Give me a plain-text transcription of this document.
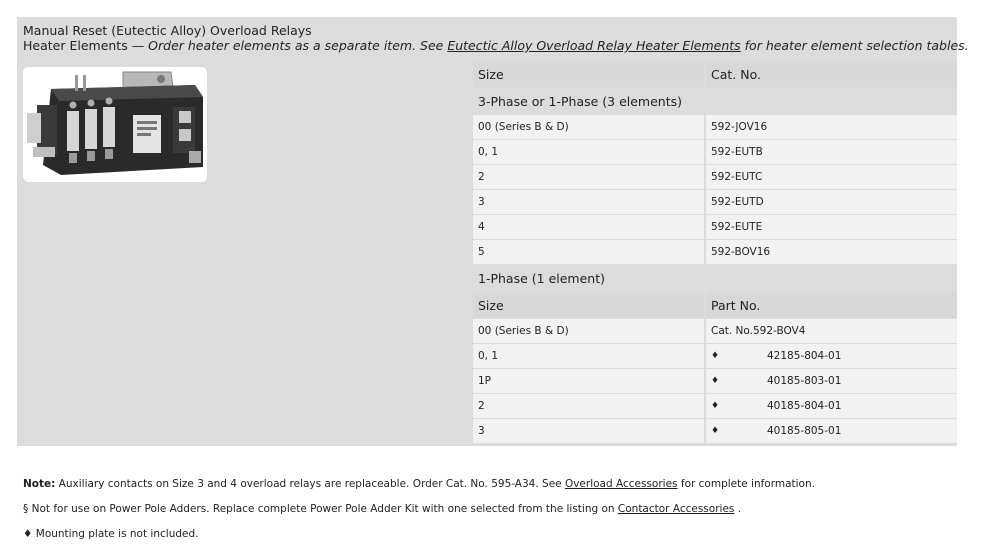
Manual Reset (Eutectic Alloy) Overload Relays
Heater Elements — Order heater elements as a separate item. See Eutectic Alloy Overload Relay Heater Elements for heater element selection tables.
Size	Cat. No.
3-Phase or 1-Phase (3 elements)
00 (Series B & D)	592-JOV16
0, 1	592-EUTB
2	592-EUTC
3	592-EUTD
4	592-EUTE
5	592-BOV16
1-Phase (1 element)
Size	Part No.
00 (Series B & D)	Cat. No. 592-BOV4
0, 1	♦	42185-804-01
1P	♦	40185-803-01
2	♦	40185-804-01
3	♦	40185-805-01

Note: Auxiliary contacts on Size 3 and 4 overload relays are replaceable. Order Cat. No. 595-A34. See Overload Accessories for complete information.

§ Not for use on Power Pole Adders. Replace complete Power Pole Adder Kit with one selected from the listing on Contactor Accessories .

♦ Mounting plate is not included.
